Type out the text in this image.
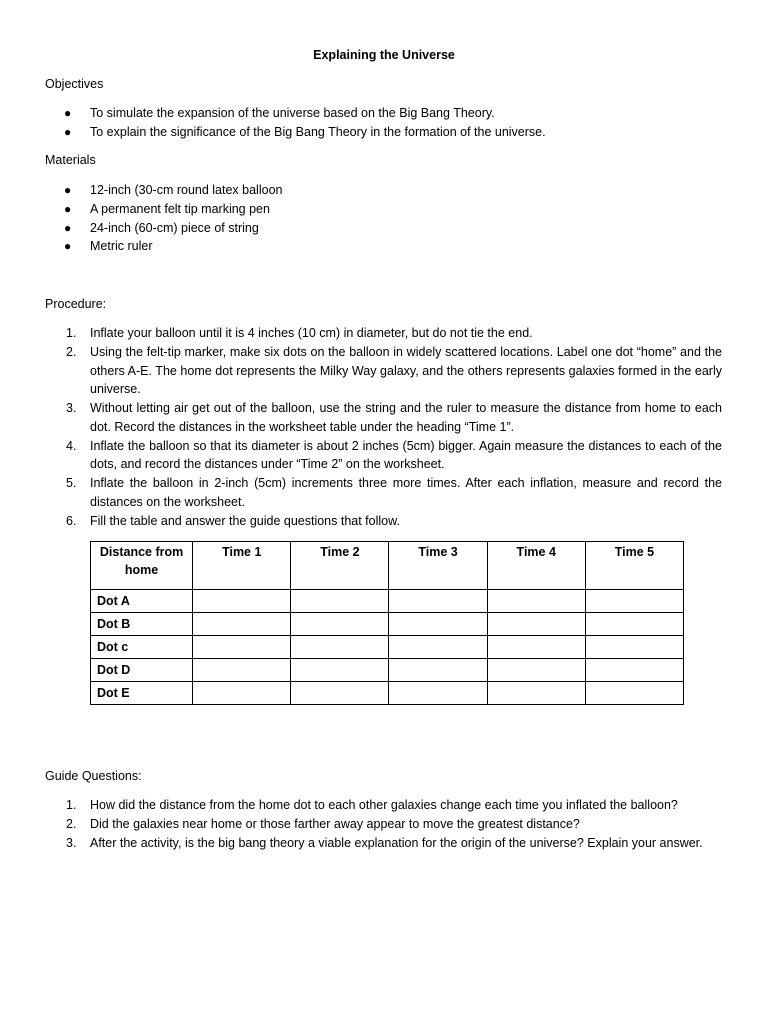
Explaining the Universe
Objectives
● To simulate the expansion of the universe based on the Big Bang Theory.
● To explain the significance of the Big Bang Theory in the formation of the universe.
Materials
● 12-inch (30-cm round latex balloon
● A permanent felt tip marking pen
● 24-inch (60-cm) piece of string
● Metric ruler
Procedure:
1. Inflate your balloon until it is 4 inches (10 cm) in diameter, but do not tie the end.
2. Using the felt-tip marker, make six dots on the balloon in widely scattered locations. Label one dot “home” and the others A-E. The home dot represents the Milky Way galaxy, and the others represents galaxies formed in the early universe.
3. Without letting air get out of the balloon, use the string and the ruler to measure the distance from home to each dot. Record the distances in the worksheet table under the heading “Time 1”.
4. Inflate the balloon so that its diameter is about 2 inches (5cm) bigger. Again measure the distances to each of the dots, and record the distances under “Time 2” on the worksheet.
5. Inflate the balloon in 2-inch (5cm) increments three more times. After each inflation, measure and record the distances on the worksheet.
6. Fill the table and answer the guide questions that follow.
Distance from home	Time 1	Time 2	Time 3	Time 4	Time 5
Dot A					
Dot B					
Dot c					
Dot D					
Dot E					
Guide Questions:
1. How did the distance from the home dot to each other galaxies change each time you inflated the balloon?
2. Did the galaxies near home or those farther away appear to move the greatest distance?
3. After the activity, is the big bang theory a viable explanation for the origin of the universe? Explain your answer.
